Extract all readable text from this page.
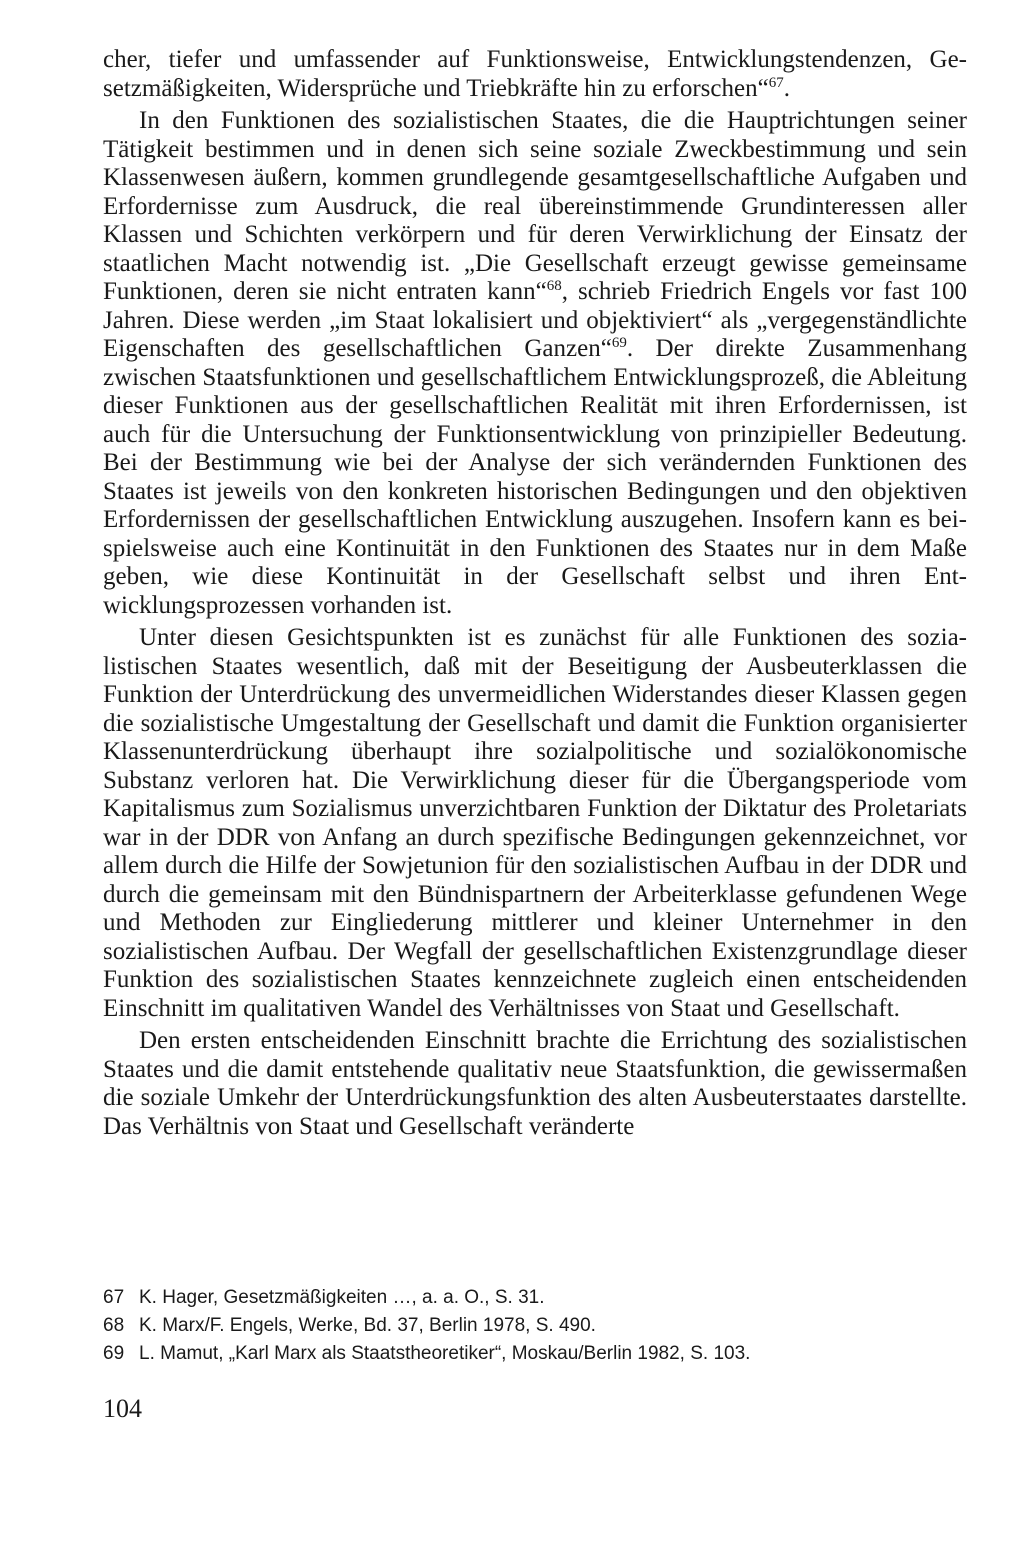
cher, tiefer und umfassender auf Funktionsweise, Entwicklungstendenzen, Gesetzmäßigkeiten, Widersprüche und Triebkräfte hin zu erforschen“$^{67}$.

In den Funktionen des sozialistischen Staates, die die Hauptrichtungen seiner Tätigkeit bestimmen und in denen sich seine soziale Zweckbestimmung und sein Klassenwesen äußern, kommen grundlegende gesamtgesellschaftliche Aufgaben und Erfordernisse zum Ausdruck, die real übereinstimmende Grundinteressen aller Klassen und Schichten verkörpern und für deren Verwirklichung der Einsatz der staatlichen Macht notwendig ist. „Die Gesellschaft erzeugt gewisse gemeinsame Funktionen, deren sie nicht entraten kann“$^{68}$, schrieb Friedrich Engels vor fast 100 Jahren. Diese werden „im Staat lokalisiert und objektiviert“ als „vergegenständlichte Eigenschaften des gesellschaftlichen Ganzen“$^{69}$. Der direkte Zusammenhang zwischen Staatsfunktionen und gesellschaftlichem Entwicklungsprozeß, die Ableitung dieser Funktionen aus der gesellschaftlichen Realität mit ihren Erfordernissen, ist auch für die Untersuchung der Funktionsentwicklung von prinzipieller Bedeutung. Bei der Bestimmung wie bei der Analyse der sich verändernden Funktionen des Staates ist jeweils von den konkreten historischen Bedingungen und den objektiven Erfordernissen der gesellschaftlichen Entwicklung auszugehen. Insofern kann es beispielsweise auch eine Kontinuität in den Funktionen des Staates nur in dem Maße geben, wie diese Kontinuität in der Gesellschaft selbst und ihren Entwicklungsprozessen vorhanden ist.

Unter diesen Gesichtspunkten ist es zunächst für alle Funktionen des sozialistischen Staates wesentlich, daß mit der Beseitigung der Ausbeuterklassen die Funktion der Unterdrückung des unvermeidlichen Widerstandes dieser Klassen gegen die sozialistische Umgestaltung der Gesellschaft und damit die Funktion organisierter Klassenunterdrückung überhaupt ihre sozialpolitische und sozialökonomische Substanz verloren hat. Die Verwirklichung dieser für die Übergangsperiode vom Kapitalismus zum Sozialismus unverzichtbaren Funktion der Diktatur des Proletariats war in der DDR von Anfang an durch spezifische Bedingungen gekennzeichnet, vor allem durch die Hilfe der Sowjetunion für den sozialistischen Aufbau in der DDR und durch die gemeinsam mit den Bündnispartnern der Arbeiterklasse gefundenen Wege und Methoden zur Eingliederung mittlerer und kleiner Unternehmer in den sozialistischen Aufbau. Der Wegfall der gesellschaftlichen Existenzgrundlage dieser Funktion des sozialistischen Staates kennzeichnete zugleich einen entscheidenden Einschnitt im qualitativen Wandel des Verhältnisses von Staat und Gesellschaft.

Den ersten entscheidenden Einschnitt brachte die Errichtung des sozialistischen Staates und die damit entstehende qualitativ neue Staatsfunktion, die gewissermaßen die soziale Umkehr der Unterdrückungsfunktion des alten Ausbeuterstaates darstellte. Das Verhältnis von Staat und Gesellschaft veränderte

67 K. Hager, Gesetzmäßigkeiten …, a. a. O., S. 31.
68 K. Marx/F. Engels, Werke, Bd. 37, Berlin 1978, S. 490.
69 L. Mamut, „Karl Marx als Staatstheoretiker“, Moskau/Berlin 1982, S. 103.
104
